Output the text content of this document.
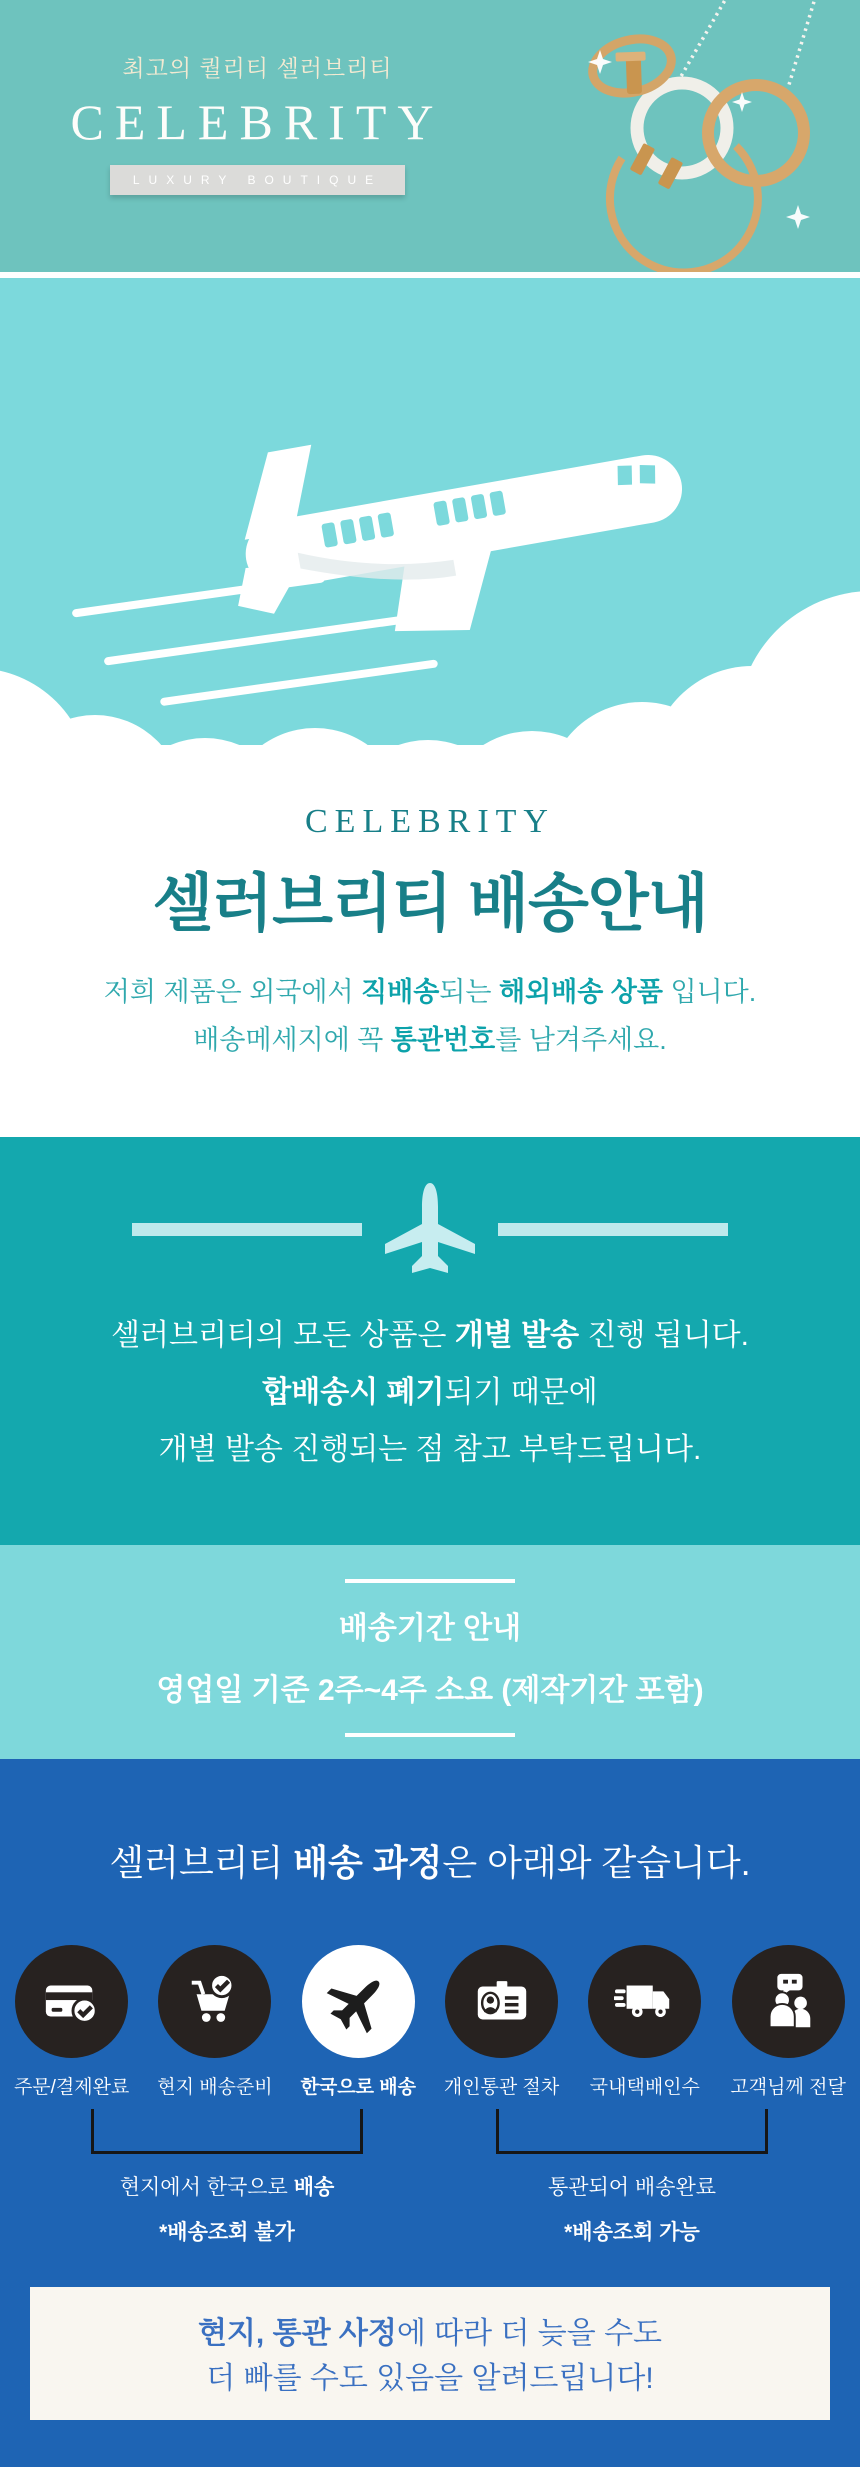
최고의 퀄리티 셀러브리티

CELEBRITY
LUXURY BOUTIQUE

CELEBRITY

셀러브리티 배송안내

저희 제품은 외국에서 직배송되는 해외배송 상품 입니다.

배송메세지에 꼭 통관번호를 남겨주세요.

셀러브리티의 모든 상품은 개별 발송 진행 됩니다.

합배송시 폐기되기 때문에

개별 발송 진행되는 점 참고 부탁드립니다.

배송기간 안내

영업일 기준 2주~4주 소요 (제작기간 포함)

셀러브리티 배송 과정은 아래와 같습니다.
주문/결제완료	현지 배송준비	한국으로 배송	개인통관 절차	국내택배인수	고객님께 전달

현지에서 한국으로 배송

*배송조회 불가

통관되어 배송완료

*배송조회 가능

현지, 통관 사정에 따라 더 늦을 수도

더 빠를 수도 있음을 알려드립니다!
